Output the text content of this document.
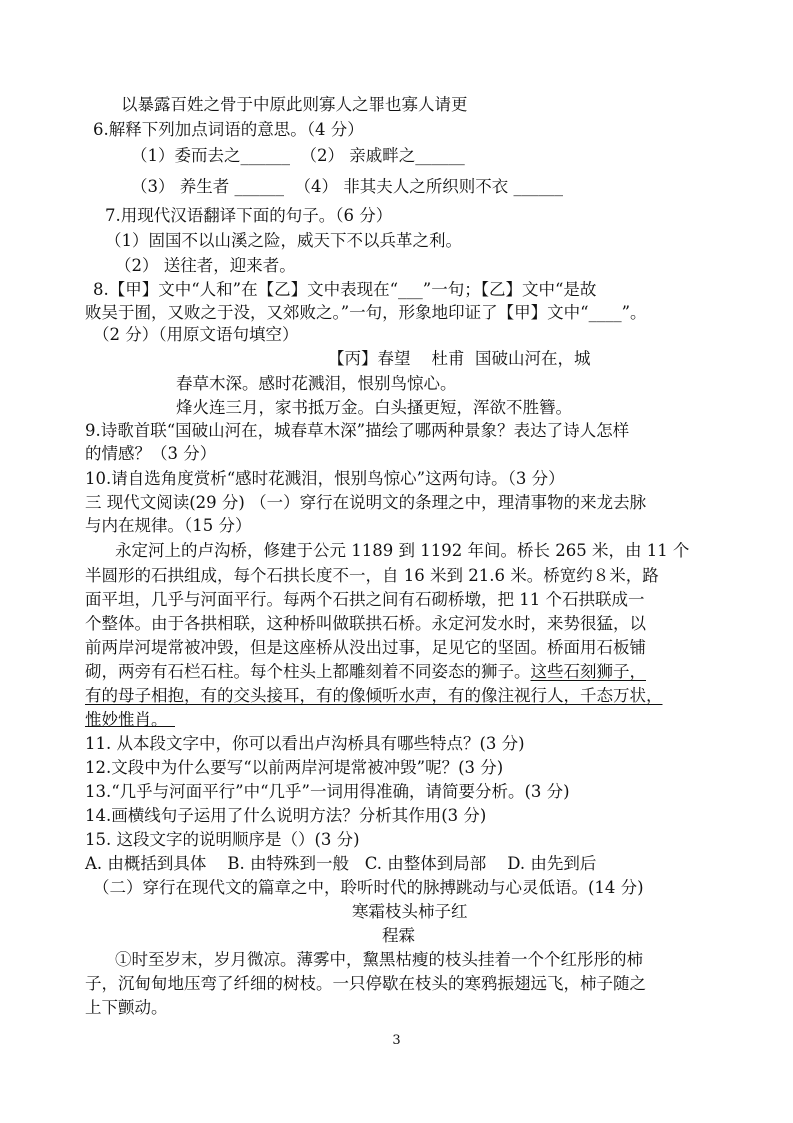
以暴露百姓之骨于中原此则寡人之罪也寡人请更
6.解释下列加点词语的意思。（4 分）
（1）委而去之______  （2） 亲戚畔之______
（3） 养生者 ______  （4） 非其夫人之所织则不衣 ______
7.用现代汉语翻译下面的句子。（6 分）
（1）固国不以山溪之险，威天下不以兵革之利。
（2） 送往者，迎来者。
8.【甲】文中“人和”在【乙】文中表现在“___”一句；【乙】文中“是故
败吴于囿，又败之于没，又郊败之。”一句，形象地印证了【甲】文中“____”。
（2 分）（用原文语句填空）
【丙】春望    杜甫  国破山河在，城
春草木深。感时花溅泪，恨别鸟惊心。
烽火连三月，家书抵万金。白头搔更短，浑欲不胜簪。
9.诗歌首联“国破山河在，城春草木深”描绘了哪两种景象？表达了诗人怎样
的情感？（3 分）
10.请自选角度赏析“感时花溅泪，恨别鸟惊心”这两句诗。（3 分）
三 现代文阅读(29 分) （一）穿行在说明文的条理之中，理清事物的来龙去脉
与内在规律。（15 分）
永定河上的卢沟桥，修建于公元 1189 到 1192 年间。桥长 265 米，由 11 个
半圆形的石拱组成，每个石拱长度不一，自 16 米到 21.6 米。桥宽约８米，路
面平坦，几乎与河面平行。每两个石拱之间有石砌桥墩，把 11 个石拱联成一
个整体。由于各拱相联，这种桥叫做联拱石桥。永定河发水时，来势很猛，以
前两岸河堤常被冲毁，但是这座桥从没出过事，足见它的坚固。桥面用石板铺
砌，两旁有石栏石柱。每个柱头上都雕刻着不同姿态的狮子。这些石刻狮子，
有的母子相抱，有的交头接耳，有的像倾听水声，有的像注视行人，千态万状，
惟妙惟肖。
11. 从本段文字中，你可以看出卢沟桥具有哪些特点？(3 分)
12.文段中为什么要写“以前两岸河堤常被冲毁”呢？(3 分)
13.“几乎与河面平行”中“几乎”一词用得准确，请简要分析。(3 分)
14.画横线句子运用了什么说明方法？分析其作用(3 分)
15. 这段文字的说明顺序是（）(3 分)
A. 由概括到具体    B. 由特殊到一般   C. 由整体到局部    D. 由先到后
（二）穿行在现代文的篇章之中，聆听时代的脉搏跳动与心灵低语。(14 分)
寒霜枝头柿子红
程霖
①时至岁末，岁月微凉。薄雾中，黧黑枯瘦的枝头挂着一个个红彤彤的柿
子，沉甸甸地压弯了纤细的树枝。一只停歇在枝头的寒鸦振翅远飞，柿子随之
上下颤动。
3
